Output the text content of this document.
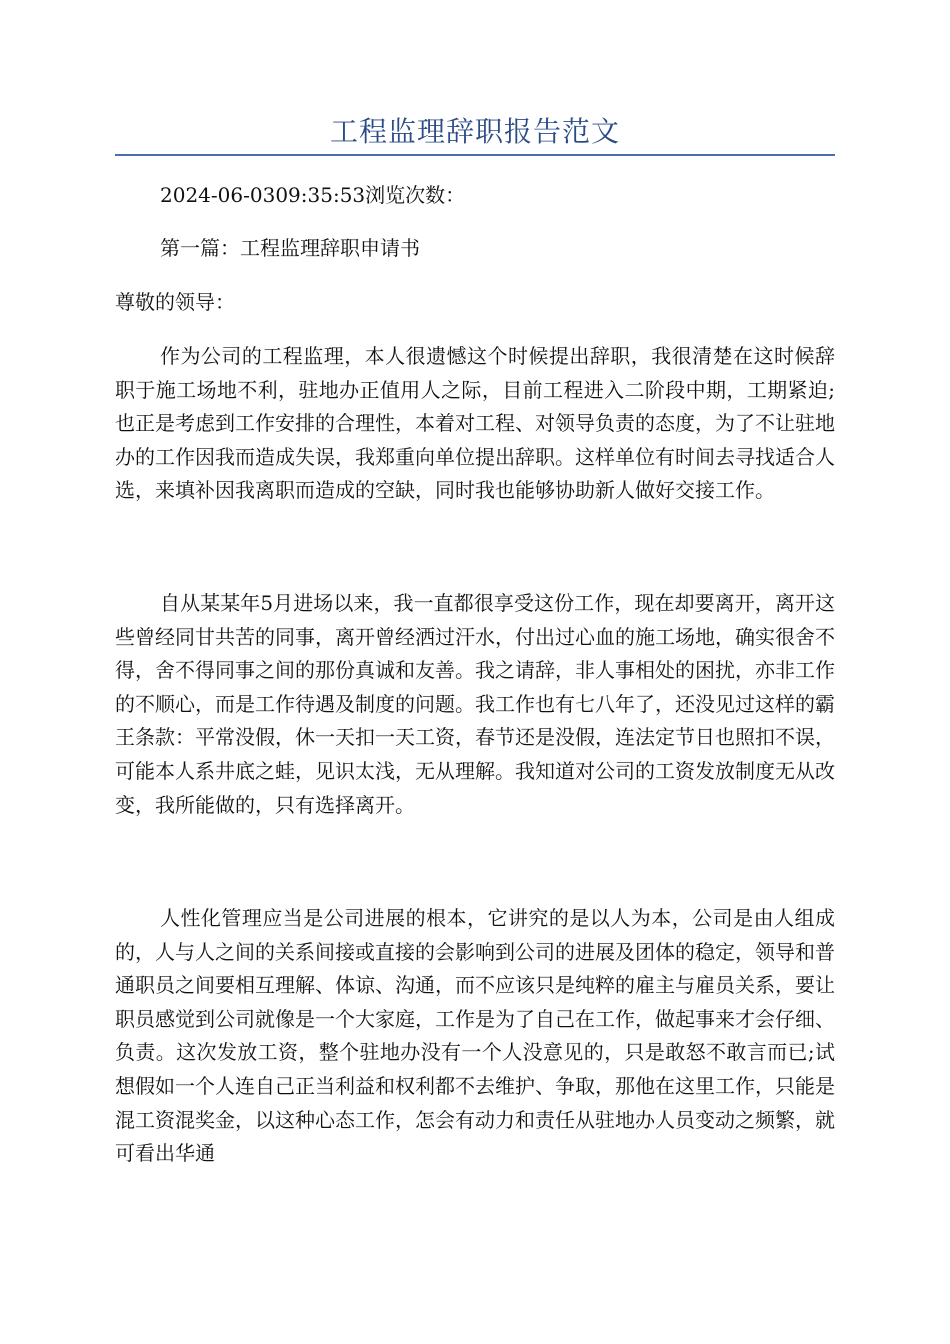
工程监理辞职报告范文
2024-06-0309:35:53浏览次数：
第一篇：工程监理辞职申请书
尊敬的领导：
作为公司的工程监理，本人很遗憾这个时候提出辞职，我很清楚在这时候辞职于施工场地不利，驻地办正值用人之际，目前工程进入二阶段中期，工期紧迫;也正是考虑到工作安排的合理性，本着对工程、对领导负责的态度，为了不让驻地办的工作因我而造成失误，我郑重向单位提出辞职。这样单位有时间去寻找适合人选，来填补因我离职而造成的空缺，同时我也能够协助新人做好交接工作。
自从某某年5月进场以来，我一直都很享受这份工作，现在却要离开，离开这些曾经同甘共苦的同事，离开曾经洒过汗水，付出过心血的施工场地，确实很舍不得，舍不得同事之间的那份真诚和友善。我之请辞，非人事相处的困扰，亦非工作的不顺心，而是工作待遇及制度的问题。我工作也有七八年了，还没见过这样的霸王条款：平常没假，休一天扣一天工资，春节还是没假，连法定节日也照扣不误，可能本人系井底之蛙，见识太浅，无从理解。我知道对公司的工资发放制度无从改变，我所能做的，只有选择离开。
人性化管理应当是公司进展的根本，它讲究的是以人为本，公司是由人组成的，人与人之间的关系间接或直接的会影响到公司的进展及团体的稳定，领导和普通职员之间要相互理解、体谅、沟通，而不应该只是纯粹的雇主与雇员关系，要让职员感觉到公司就像是一个大家庭，工作是为了自己在工作，做起事来才会仔细、负责。这次发放工资，整个驻地办没有一个人没意见的，只是敢怒不敢言而已;试想假如一个人连自己正当利益和权利都不去维护、争取，那他在这里工作，只能是混工资混奖金，以这种心态工作，怎会有动力和责任从驻地办人员变动之频繁，就可看出华通
